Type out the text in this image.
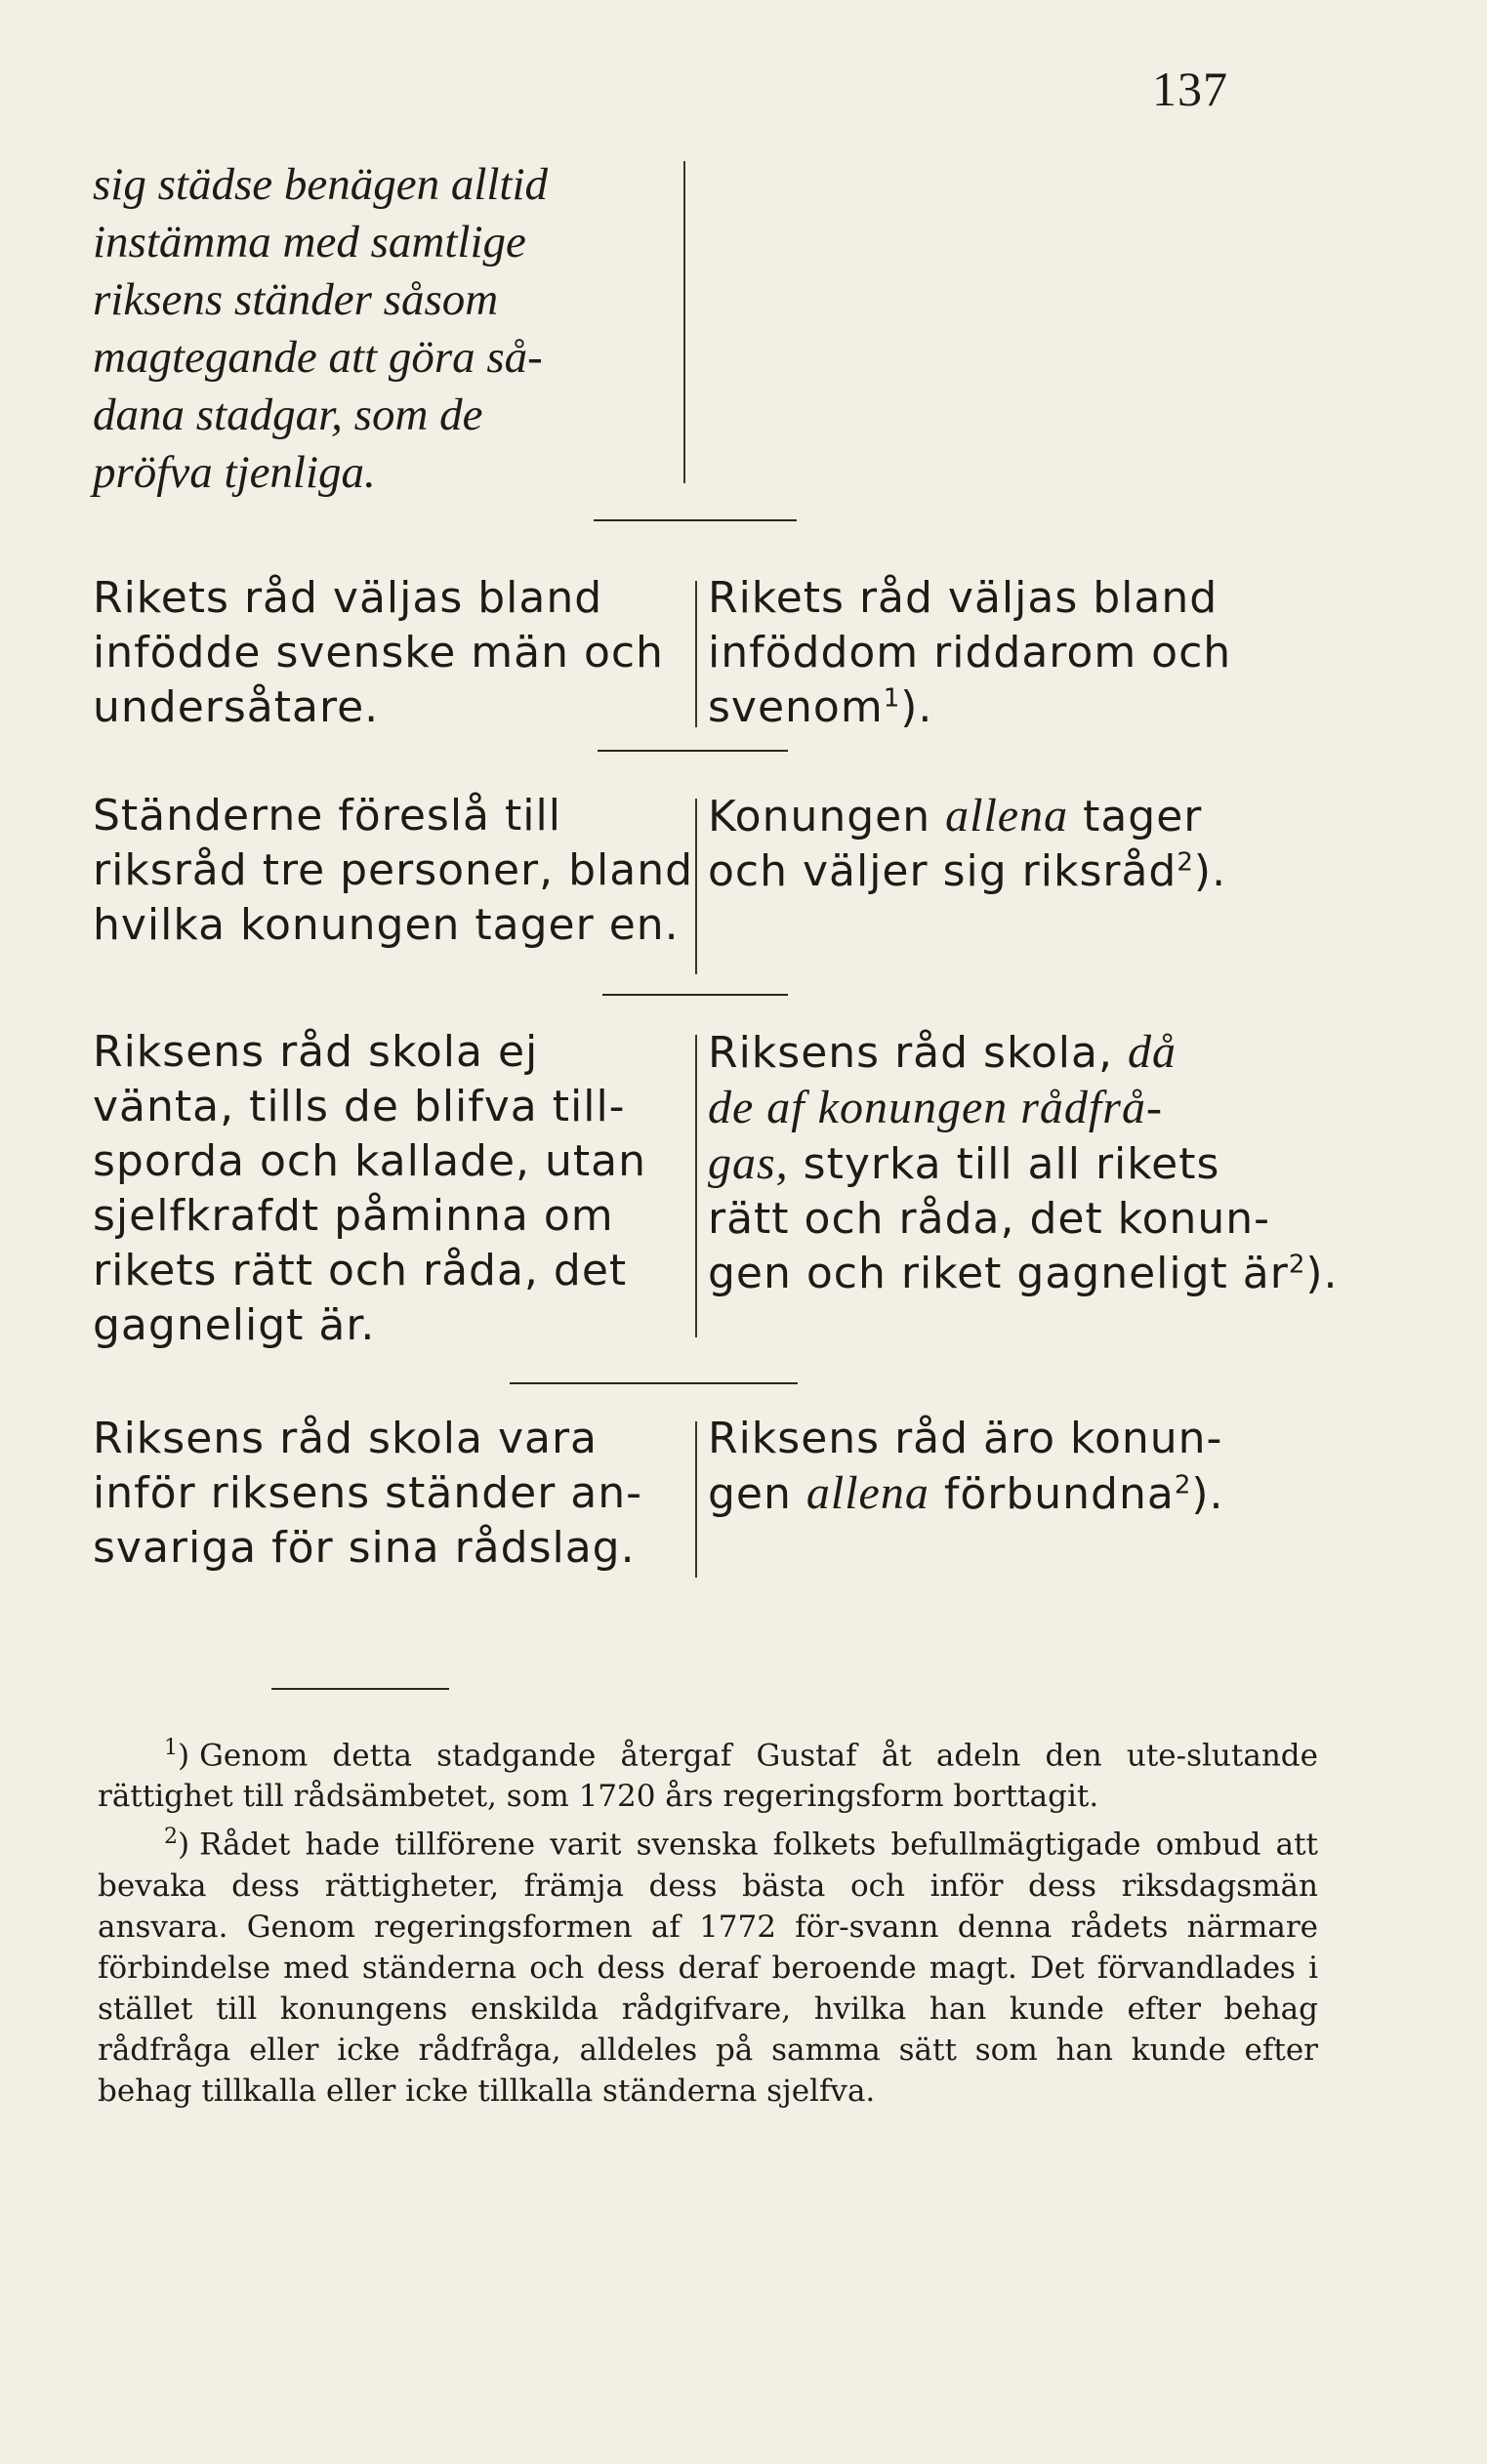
137
sig städse benägen alltid
instämma med samtlige
riksens ständer såsom
magtegande att göra så-
dana stadgar, som de
pröfva tjenliga.
Rikets råd väljas bland
infödde svenske män och
undersåtare.
Rikets råd väljas bland
inföddom riddarom och
svenom$^1$).
Ständerne föreslå till
riksråd tre personer, bland
hvilka konungen tager en.
Konungen allena tager
och väljer sig riksråd$^2$).
Riksens råd skola ej
vänta, tills de blifva till-
sporda och kallade, utan
sjelfkrafdt påminna om
rikets rätt och råda, det
gagneligt är.
Riksens råd skola, då
de af konungen rådfrå-
gas, styrka till all rikets
rätt och råda, det konun-
gen och riket gagneligt $är^2$).
Riksens råd skola vara
inför riksens ständer an-
svariga för sina rådslag.
Riksens råd äro konun-
gen allena förbundna$^2$).

$^1$) Genom detta stadgande återgaf Gustaf åt adeln den ute-slutande rättighet till rådsämbetet, som 1720 års regeringsform borttagit.

$^2$) Rådet hade tillförene varit svenska folkets befullmägtigade ombud att bevaka dess rättigheter, främja dess bästa och inför dess riksdagsmän ansvara. Genom regeringsformen af 1772 för-svann denna rådets närmare förbindelse med ständerna och dess deraf beroende magt. Det förvandlades i stället till konungens enskilda rådgifvare, hvilka han kunde efter behag rådfråga eller icke rådfråga, alldeles på samma sätt som han kunde efter behag tillkalla eller icke tillkalla ständerna sjelfva.
